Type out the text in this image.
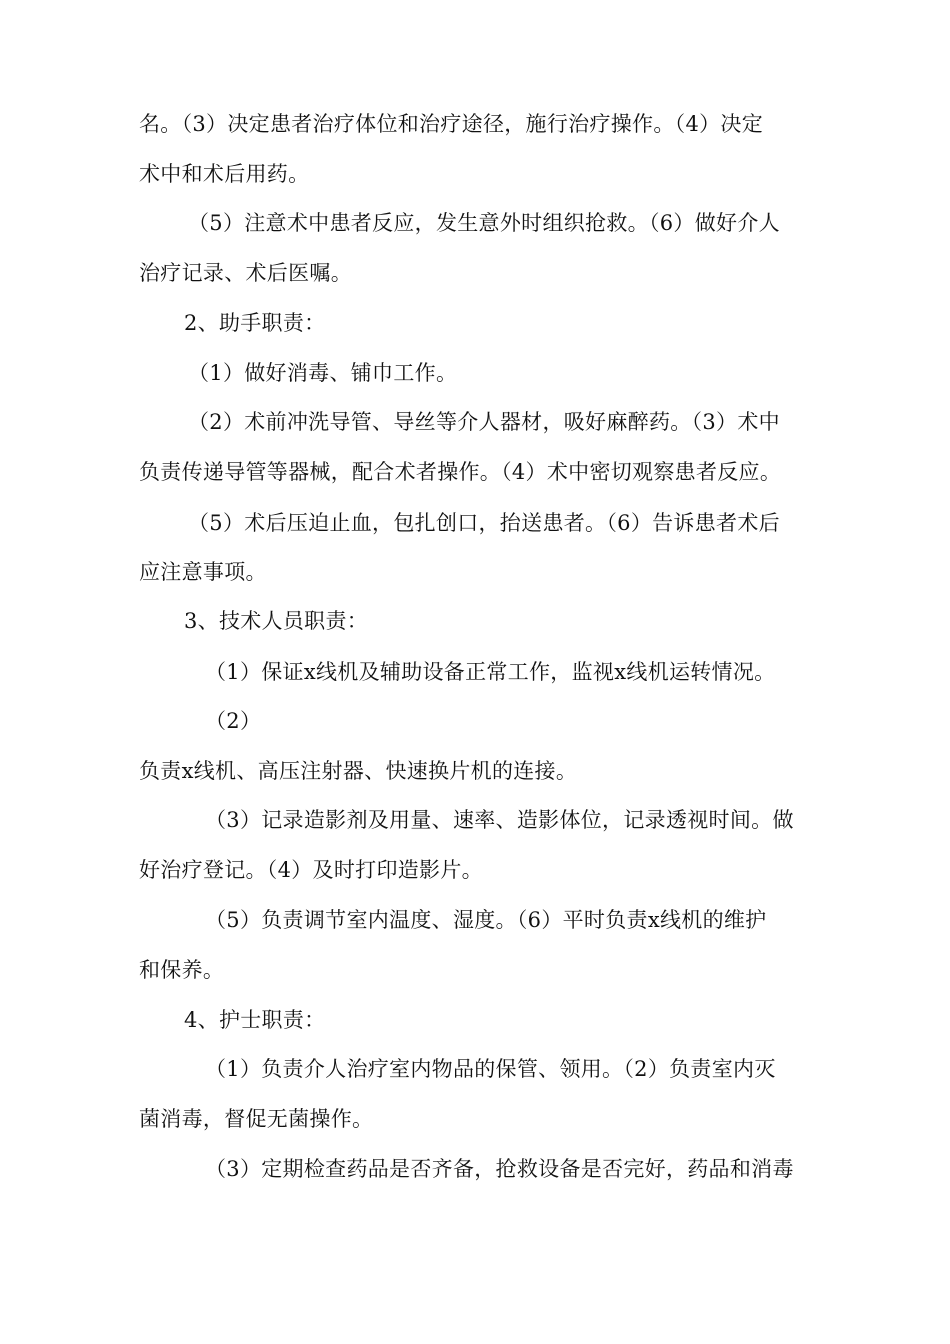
名。（3）决定患者治疗体位和治疗途径，施行治疗操作。（4）决定
术中和术后用药。
（5）注意术中患者反应，发生意外时组织抢救。（6）做好介人
治疗记录、术后医嘱。
2、助手职责：
（1）做好消毒、铺巾工作。
（2）术前冲洗导管、导丝等介人器材，吸好麻醉药。（3）术中
负责传递导管等器械，配合术者操作。（4）术中密切观察患者反应。
（5）术后压迫止血，包扎创口，抬送患者。（6）告诉患者术后
应注意事项。
3、技术人员职责：
（1）保证x线机及辅助设备正常工作，监视x线机运转情况。
（2）
负责x线机、高压注射器、快速换片机的连接。
（3）记录造影剂及用量、速率、造影体位，记录透视时间。做
好治疗登记。（4）及时打印造影片。
（5）负责调节室内温度、湿度。（6）平时负责x线机的维护
和保养。
4、护士职责：
（1）负责介人治疗室内物品的保管、领用。（2）负责室内灭
菌消毒，督促无菌操作。
（3）定期检查药品是否齐备，抢救设备是否完好，药品和消毒
